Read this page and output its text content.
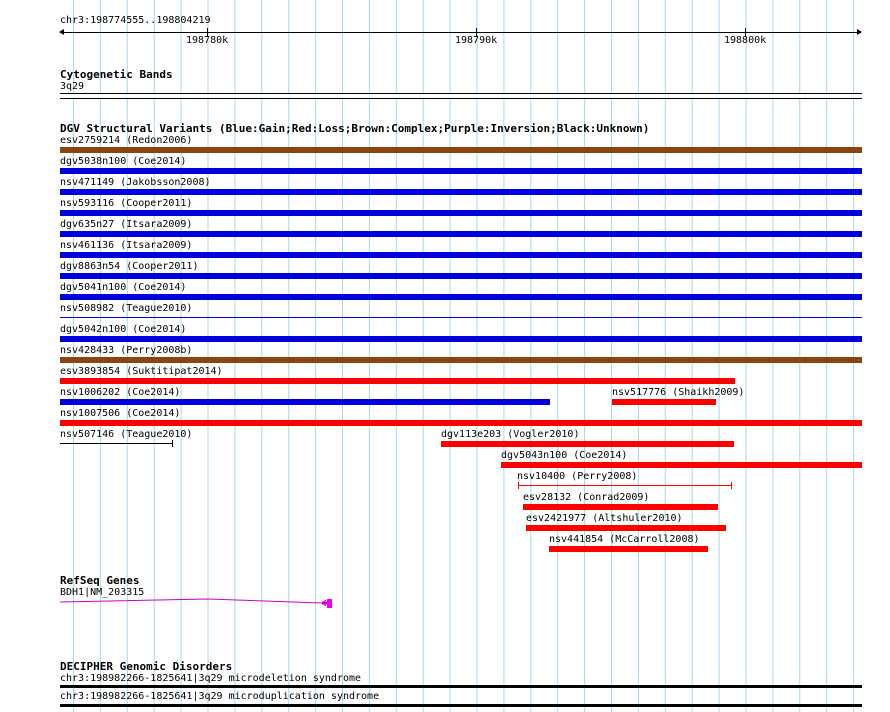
chr3:198774555..198804219
198780k	198790k	198800k
Cytogenetic Bands
3q29
DGV Structural Variants (Blue:Gain;Red:Loss;Brown:Complex;Purple:Inversion;Black:Unknown)
esv2759214 (Redon2006)
dgv5038n100 (Coe2014)
nsv471149 (Jakobsson2008)
nsv593116 (Cooper2011)
dgv635n27 (Itsara2009)
nsv461136 (Itsara2009)
dgv8863n54 (Cooper2011)
dgv5041n100 (Coe2014)
nsv508982 (Teague2010)
dgv5042n100 (Coe2014)
nsv428433 (Perry2008b)
esv3893854 (Suktitipat2014)
nsv1006202 (Coe2014)	nsv517776 (Shaikh2009)
nsv1007506 (Coe2014)
nsv507146 (Teague2010)	dgv113e203 (Vogler2010)
dgv5043n100 (Coe2014)
nsv10400 (Perry2008)
esv28132 (Conrad2009)
esv2421977 (Altshuler2010)
nsv441854 (McCarroll2008)
RefSeq Genes
BDH1|NM_203315
DECIPHER Genomic Disorders
chr3:198982266-1825641|3q29 microdeletion syndrome
chr3:198982266-1825641|3q29 microduplication syndrome
